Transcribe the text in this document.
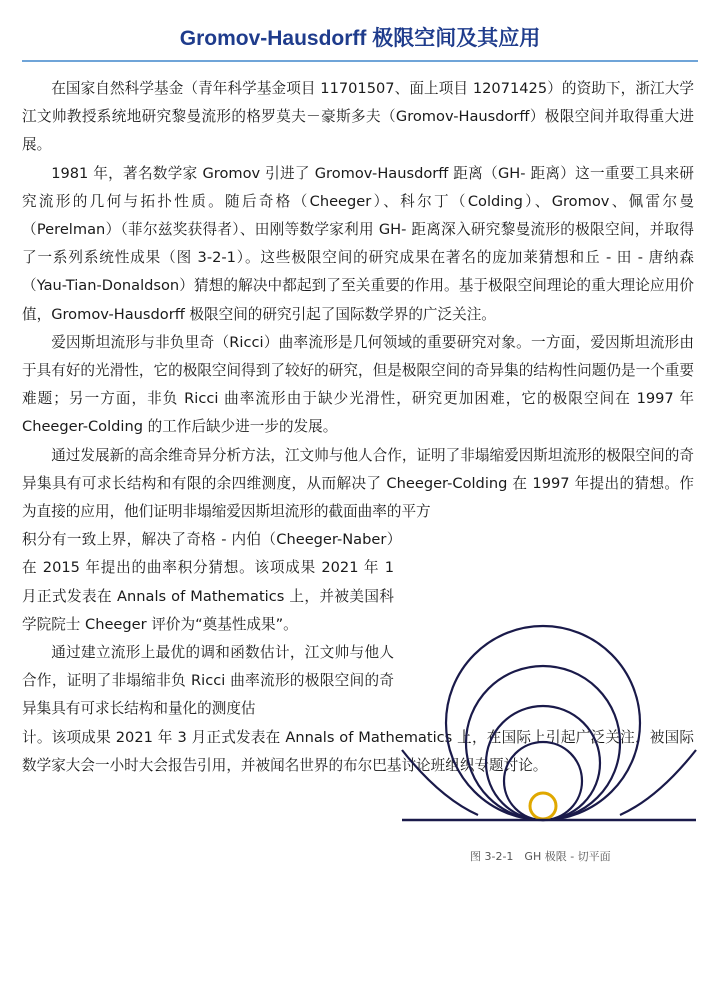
Gromov-Hausdorff 极限空间及其应用

在国家自然科学基金（青年科学基金项目 11701507、面上项目 12071425）的资助下，浙江大学江文帅教授系统地研究黎曼流形的格罗莫夫－豪斯多夫（Gromov-Hausdorff）极限空间并取得重大进展。

1981 年，著名数学家 Gromov 引进了 Gromov-Hausdorff 距离（GH- 距离）这一重要工具来研究流形的几何与拓扑性质。随后奇格（Cheeger）、科尔丁（Colding）、Gromov、佩雷尔曼（Perelman）（菲尔兹奖获得者）、田刚等数学家利用 GH- 距离深入研究黎曼流形的极限空间，并取得了一系列系统性成果（图 3-2-1）。这些极限空间的研究成果在著名的庞加莱猜想和丘 - 田 - 唐纳森（Yau-Tian-Donaldson）猜想的解决中都起到了至关重要的作用。基于极限空间理论的重大理论应用价值，Gromov-Hausdorff 极限空间的研究引起了国际数学界的广泛关注。

爱因斯坦流形与非负里奇（Ricci）曲率流形是几何领域的重要研究对象。一方面，爱因斯坦流形由于具有好的光滑性，它的极限空间得到了较好的研究，但是极限空间的奇异集的结构性问题仍是一个重要难题；另一方面，非负 Ricci 曲率流形由于缺少光滑性，研究更加困难，它的极限空间在 1997 年 Cheeger-Colding 的工作后缺少进一步的发展。

通过发展新的高余维奇异分析方法，江文帅与他人合作，证明了非塌缩爱因斯坦流形的极限空间的奇异集具有可求长结构和有限的余四维测度，从而解决了 Cheeger-Colding 在 1997 年提出的猜想。作为直接的应用，他们证明非塌缩爱因斯坦流形的截面曲率的平方

积分有一致上界，解决了奇格 - 内伯（Cheeger-Naber）在 2015 年提出的曲率积分猜想。该项成果 2021 年 1 月正式发表在 Annals of Mathematics 上，并被美国科学院院士 Cheeger 评价为“奠基性成果”。

通过建立流形上最优的调和函数估计，江文帅与他人合作，证明了非塌缩非负 Ricci 曲率流形的极限空间的奇异集具有可求长结构和量化的测度估

计。该项成果 2021 年 3 月正式发表在 Annals of Mathematics 上，在国际上引起广泛关注，被国际数学家大会一小时大会报告引用，并被闻名世界的布尔巴基讨论班组织专题讨论。

图 3-2-1　GH 极限 - 切平面
